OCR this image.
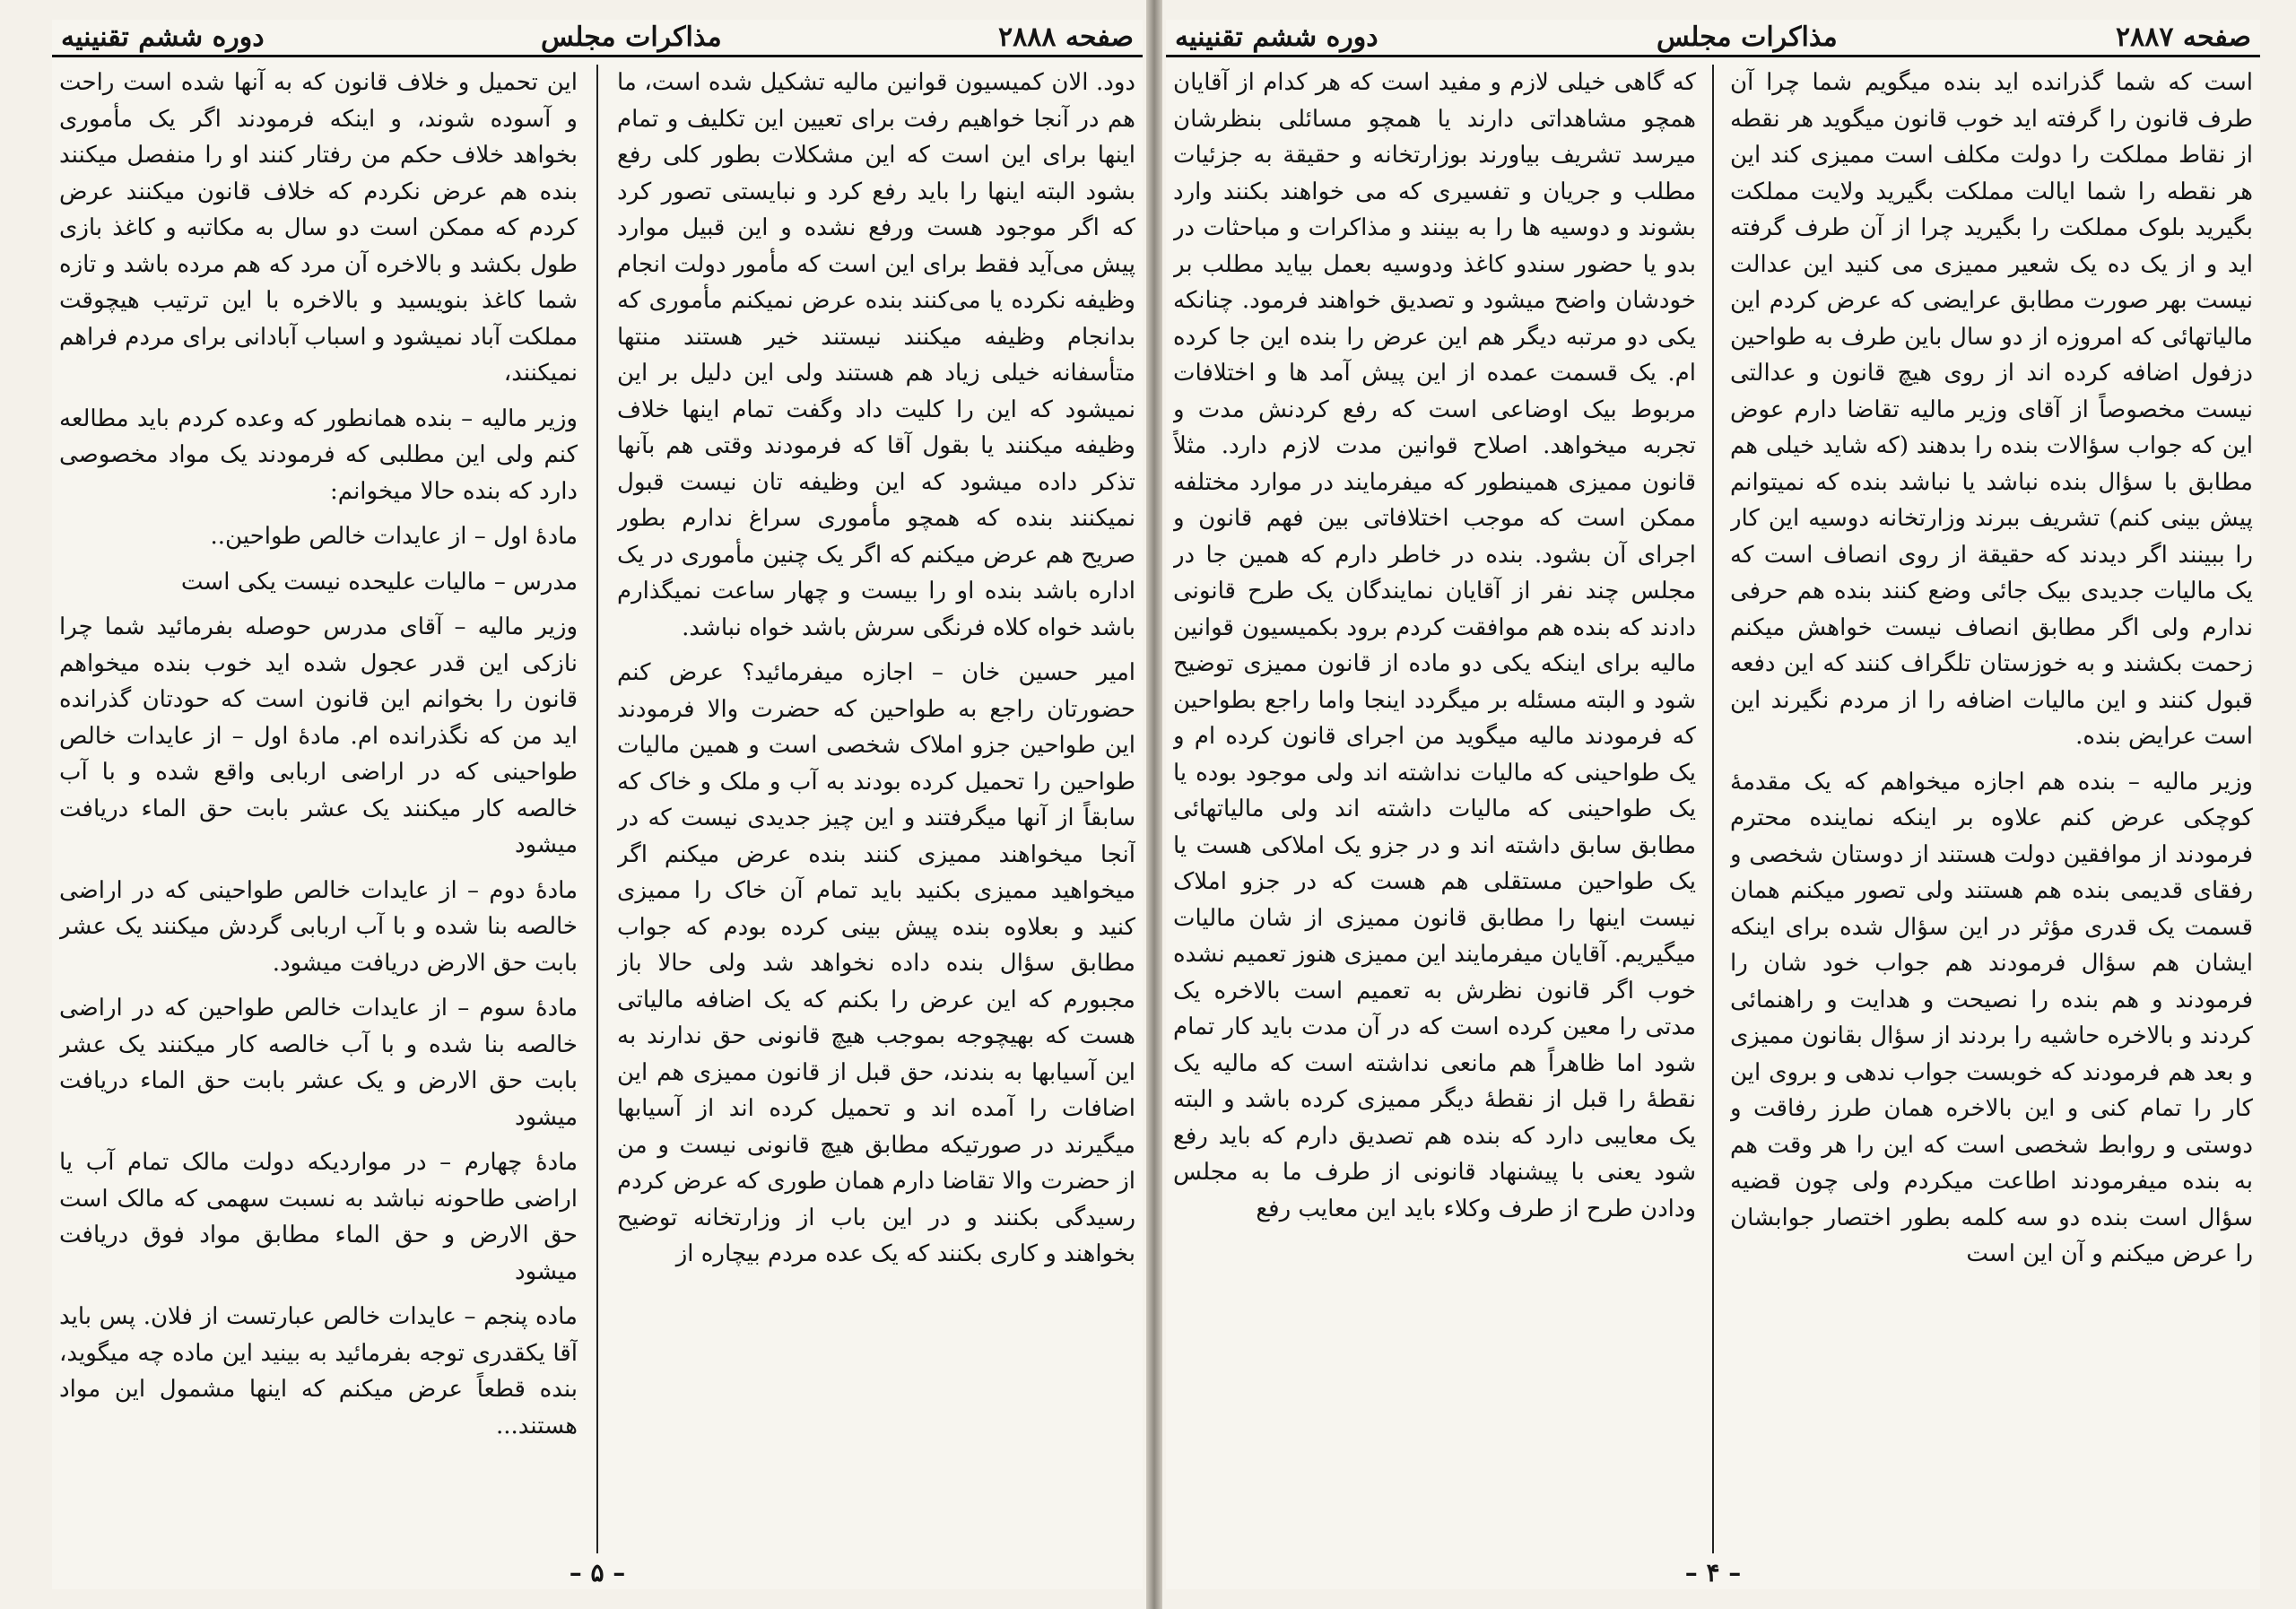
صفحه ۲۸۸۸
مذاکرات مجلس
دوره ششم تقنینیه

دود. الان کمیسیون قوانین مالیه تشکیل شده است، ما هم در آنجا خواهیم رفت برای تعیین این تکلیف و تمام اینها برای این است که این مشکلات بطور کلی رفع بشود البته اینها را باید رفع کرد و نبایستی تصور کرد که اگر موجود هست ورفع نشده و این قبیل موارد پیش می‌آید فقط برای این است که مأمور دولت انجام وظیفه نکرده یا می‌کنند بنده عرض نمیکنم مأموری که بدانجام وظیفه میکنند نیستند خیر هستند منتها متأسفانه خیلی زیاد هم هستند ولی این دلیل بر این نمیشود که این را کلیت داد وگفت تمام اینها خلاف وظیفه میکنند یا بقول آقا که فرمودند وقتی هم بآنها تذکر داده میشود که این وظیفه تان نیست قبول نمیکنند بنده که همچو مأموری سراغ ندارم بطور صریح هم عرض میکنم که اگر یک چنین مأموری در یک اداره باشد بنده او را بیست و چهار ساعت نمیگذارم باشد خواه کلاه فرنگی سرش باشد خواه نباشد.

امیر حسین خان – اجازه میفرمائید؟ عرض کنم حضورتان راجع به طواحین که حضرت والا فرمودند این طواحین جزو املاک شخصی است و همین مالیات طواحین را تحمیل کرده بودند به آب و ملک و خاک که سابقاً از آنها میگرفتند و این چیز جدیدی نیست که در آنجا میخواهند ممیزی کنند بنده عرض میکنم اگر میخواهید ممیزی بکنید باید تمام آن خاک را ممیزی کنید و بعلاوه بنده پیش بینی کرده بودم که جواب مطابق سؤال بنده داده نخواهد شد ولی حالا باز مجبورم که این عرض را بکنم که یک اضافه مالیاتی هست که بهیچوجه بموجب هیچ قانونی حق ندارند به این آسیابها به بندند، حق قبل از قانون ممیزی هم این اضافات را آمده اند و تحمیل کرده اند از آسیابها میگیرند در صورتیکه مطابق هیچ قانونی نیست و من از حضرت والا تقاضا دارم همان طوری که عرض کردم رسیدگی بکنند و در این باب از وزارتخانه توضیح بخواهند و کاری بکنند که یک عده مردم بیچاره از

این تحمیل و خلاف قانون که به آنها شده است راحت و آسوده شوند، و اینکه فرمودند اگر یک مأموری بخواهد خلاف حکم من رفتار کنند او را منفصل میکنند بنده هم عرض نکردم که خلاف قانون میکنند عرض کردم که ممکن است دو سال به مکاتبه و کاغذ بازی طول بکشد و بالاخره آن مرد که هم مرده باشد و تازه شما کاغذ بنویسید و بالاخره با این ترتیب هیچوقت مملکت آباد نمیشود و اسباب آبادانی برای مردم فراهم نمیکنند،

وزیر مالیه – بنده همانطور که وعده کردم باید مطالعه کنم ولی این مطلبی که فرمودند یک مواد مخصوصی دارد که بنده حالا میخوانم:

مادهٔ اول – از عایدات خالص طواحین..

مدرس – مالیات علیحده نیست یکی است

وزیر مالیه – آقای مدرس حوصله بفرمائید شما چرا نازکی این قدر عجول شده اید خوب بنده میخواهم قانون را بخوانم این قانون است که حودتان گذرانده اید من که نگذرانده ام. مادهٔ اول – از عایدات خالص طواحینی که در اراضی اربابی واقع شده و با آب خالصه کار میکنند یک عشر بابت حق الماء دریافت میشود

مادهٔ دوم – از عایدات خالص طواحینی که در اراضی خالصه بنا شده و با آب اربابی گردش میکنند یک عشر بابت حق الارض دریافت میشود.

مادهٔ سوم – از عایدات خالص طواحین که در اراضی خالصه بنا شده و با آب خالصه کار میکنند یک عشر بابت حق الارض و یک عشر بابت حق الماء دریافت میشود

مادهٔ چهارم – در مواردیکه دولت مالک تمام آب یا اراضی طاحونه نباشد به نسبت سهمی که مالک است حق الارض و حق الماء مطابق مواد فوق دریافت میشود

ماده پنجم – عایدات خالص عبارتست از فلان. پس باید آقا یکقدری توجه بفرمائید به بینید این ماده چه میگوید، بنده قطعاً عرض میکنم که اینها مشمول این مواد هستند...

– ۵ –
صفحه ۲۸۸۷
مذاکرات مجلس
دوره ششم تقنینیه

است که شما گذرانده اید بنده میگویم شما چرا آن طرف قانون را گرفته اید خوب قانون میگوید هر نقطه از نقاط مملکت را دولت مکلف است ممیزی کند این هر نقطه را شما ایالت مملکت بگیرید ولایت مملکت بگیرید بلوک مملکت را بگیرید چرا از آن طرف گرفته اید و از یک ده یک شعیر ممیزی می کنید این عدالت نیست بهر صورت مطابق عرایضی که عرض کردم این مالیاتهائی که امروزه از دو سال باین طرف به طواحین دزفول اضافه کرده اند از روی هیچ قانون و عدالتی نیست مخصوصاً از آقای وزیر مالیه تقاضا دارم عوض این که جواب سؤالات بنده را بدهند (که شاید خیلی هم مطابق با سؤال بنده نباشد یا نباشد بنده که نمیتوانم پیش بینی کنم) تشریف ببرند وزارتخانه دوسیه این کار را ببینند اگر دیدند که حقیقة از روی انصاف است که یک مالیات جدیدی بیک جائی وضع کنند بنده هم حرفی ندارم ولی اگر مطابق انصاف نیست خواهش میکنم زحمت بکشند و به خوزستان تلگراف کنند که این دفعه قبول کنند و این مالیات اضافه را از مردم نگیرند این است عرایض بنده.

وزیر مالیه – بنده هم اجازه میخواهم که یک مقدمهٔ کوچکی عرض کنم علاوه بر اینکه نماینده محترم فرمودند از موافقین دولت هستند از دوستان شخصی و رفقای قدیمی بنده هم هستند ولی تصور میکنم همان قسمت یک قدری مؤثر در این سؤال شده برای اینکه ایشان هم سؤال فرمودند هم جواب خود شان را فرمودند و هم بنده را نصیحت و هدایت و راهنمائی کردند و بالاخره حاشیه را بردند از سؤال بقانون ممیزی و بعد هم فرمودند که خوبست جواب ندهی و بروی این کار را تمام کنی و این بالاخره همان طرز رفاقت و دوستی و روابط شخصی است که این را هر وقت هم به بنده میفرمودند اطاعت میکردم ولی چون قضیه سؤال است بنده دو سه کلمه بطور اختصار جوابشان را عرض میکنم و آن این است

که گاهی خیلی لازم و مفید است که هر کدام از آقایان همچو مشاهداتی دارند یا همچو مسائلی بنظرشان میرسد تشریف بیاورند بوزارتخانه و حقیقة به جزئیات مطلب و جریان و تفسیری که می خواهند بکنند وارد بشوند و دوسیه ها را به بینند و مذاکرات و مباحثات در بدو یا حضور سندو کاغذ ودوسیه بعمل بیاید مطلب بر خودشان واضح میشود و تصدیق خواهند فرمود. چنانکه یکی دو مرتبه دیگر هم این عرض را بنده این جا کرده ام. یک قسمت عمده از این پیش آمد ها و اختلافات مربوط بیک اوضاعی است که رفع کردنش مدت و تجربه میخواهد. اصلاح قوانین مدت لازم دارد. مثلاً قانون ممیزی همینطور که میفرمایند در موارد مختلفه ممکن است که موجب اختلافاتی بین فهم قانون و اجرای آن بشود. بنده در خاطر دارم که همین جا در مجلس چند نفر از آقایان نمایندگان یک طرح قانونی دادند که بنده هم موافقت کردم برود بکمیسیون قوانین مالیه برای اینکه یکی دو ماده از قانون ممیزی توضیح شود و البته مسئله بر میگردد اینجا واما راجع بطواحین که فرمودند مالیه میگوید من اجرای قانون کرده ام و یک طواحینی که مالیات نداشته اند ولی موجود بوده یا یک طواحینی که مالیات داشته اند ولی مالیاتهائی مطابق سابق داشته اند و در جزو یک املاکی هست یا یک طواحین مستقلی هم هست که در جزو املاک نیست اینها را مطابق قانون ممیزی از شان مالیات میگیریم. آقایان میفرمایند این ممیزی هنوز تعمیم نشده خوب اگر قانون نظرش به تعمیم است بالاخره یک مدتی را معین کرده است که در آن مدت باید کار تمام شود اما ظاهراً هم مانعی نداشته است که مالیه یک نقطهٔ را قبل از نقطهٔ دیگر ممیزی کرده باشد و البته یک معایبی دارد که بنده هم تصدیق دارم که باید رفع شود یعنی با پیشنهاد قانونی از طرف ما به مجلس ودادن طرح از طرف وکلاء باید این معایب رفع

– ۴ –
